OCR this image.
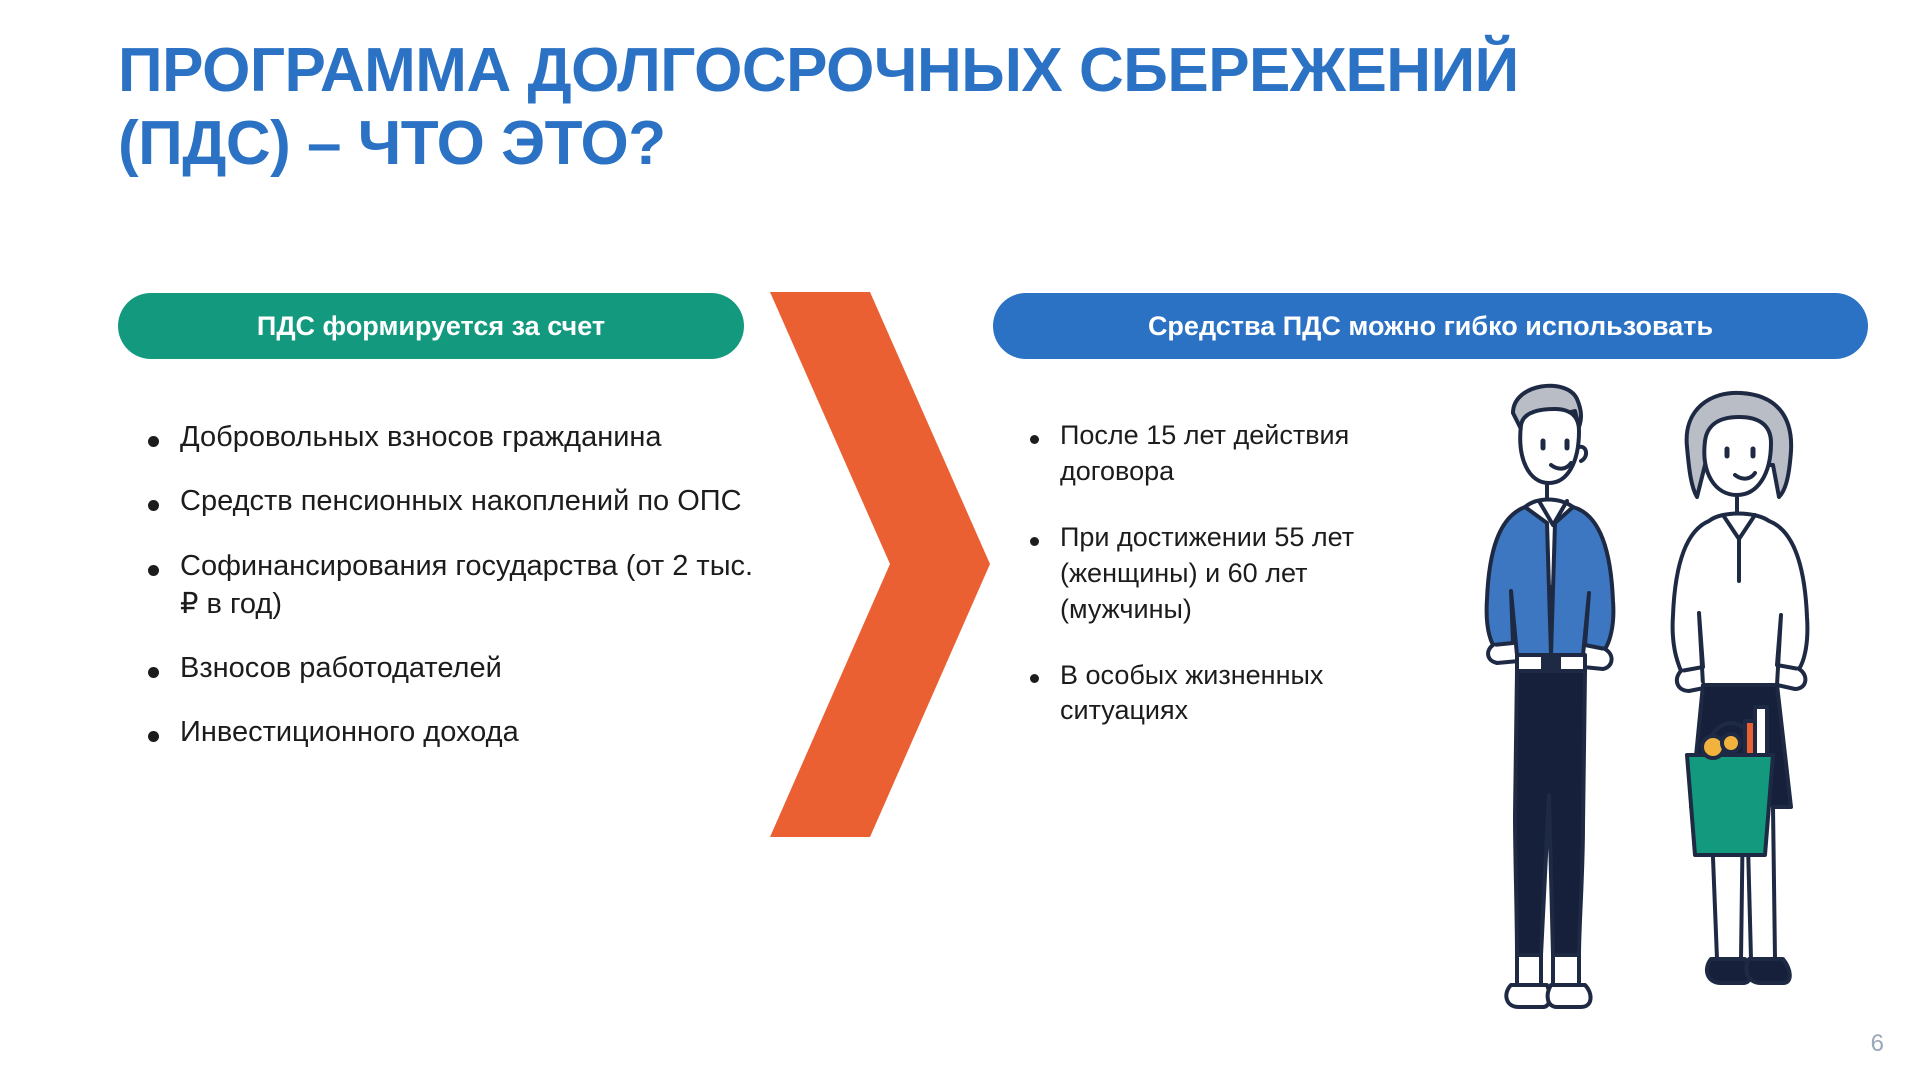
ПРОГРАММА ДОЛГОСРОЧНЫХ СБЕРЕЖЕНИЙ (ПДС) – ЧТО ЭТО?
ПДС формируется за счет	Средства ПДС можно гибко использовать
Добровольных взносов гражданина
Средств пенсионных накоплений по ОПС
Софинансирования государства (от 2 тыс. ₽ в год)
Взносов работодателей
Инвестиционного дохода
После 15 лет действия договора
При достижении 55 лет (женщины) и 60 лет (мужчины)
В особых жизненных ситуациях
6
